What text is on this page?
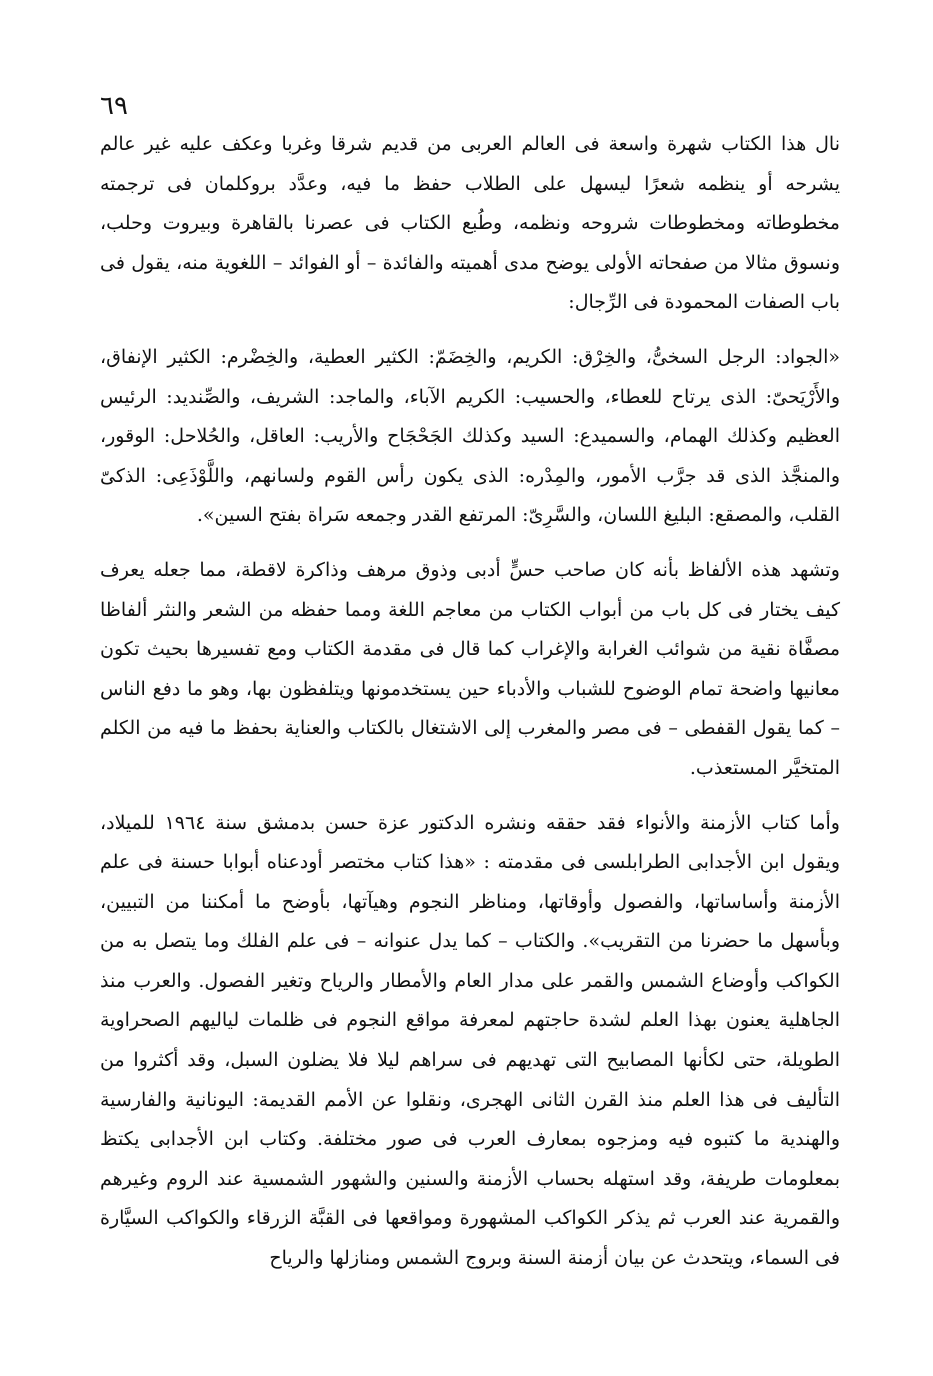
٦٩

نال هذا الكتاب شهرة واسعة فى العالم العربى من قديم شرقا وغربا وعكف عليه غير عالم يشرحه أو ينظمه شعرًا ليسهل على الطلاب حفظ ما فيه، وعدَّد بروكلمان فى ترجمته مخطوطاته ومخطوطات شروحه ونظمه، وطُبع الكتاب فى عصرنا بالقاهرة وبيروت وحلب، ونسوق مثالا من صفحاته الأولى يوضح مدى أهميته والفائدة – أو الفوائد – اللغوية منه، يقول فى باب الصفات المحمودة فى الرِّجال:

«الجواد: الرجل السخىُّ، والخِرْق: الكريم، والخِضَمّ: الكثير العطية، والخِضْرم: الكثير الإنفاق، والأَرْيَحىّ: الذى يرتاح للعطاء، والحسيب: الكريم الآباء، والماجد: الشريف، والصِّنديد: الرئيس العظيم وكذلك الهمام، والسميدع: السيد وكذلك الجَحْجَاح والأريب: العاقل، والحُلاحل: الوقور، والمنجَّذ الذى قد جرَّب الأمور، والمِدْره: الذى يكون رأس القوم ولسانهم، واللَّوْذَعِى: الذكىّ القلب، والمصقع: البليغ اللسان، والسَّرِىّ: المرتفع القدر وجمعه سَراة بفتح السين».

وتشهد هذه الألفاظ بأنه كان صاحب حسٍّ أدبى وذوق مرهف وذاكرة لاقطة، مما جعله يعرف كيف يختار فى كل باب من أبواب الكتاب من معاجم اللغة ومما حفظه من الشعر والنثر ألفاظا مصفَّاة نقية من شوائب الغرابة والإغراب كما قال فى مقدمة الكتاب ومع تفسيرها بحيث تكون معانيها واضحة تمام الوضوح للشباب والأدباء حين يستخدمونها ويتلفظون بها، وهو ما دفع الناس – كما يقول القفطى – فى مصر والمغرب إلى الاشتغال بالكتاب والعناية بحفظ ما فيه من الكلم المتخيَّر المستعذب.

وأما كتاب الأزمنة والأنواء فقد حققه ونشره الدكتور عزة حسن بدمشق سنة ١٩٦٤ للميلاد، ويقول ابن الأجدابى الطرابلسى فى مقدمته : «هذا كتاب مختصر أودعناه أبوابا حسنة فى علم الأزمنة وأساساتها، والفصول وأوقاتها، ومناظر النجوم وهيآتها، بأوضح ما أمكننا من التبيين، وبأسهل ما حضرنا من التقريب». والكتاب – كما يدل عنوانه – فى علم الفلك وما يتصل به من الكواكب وأوضاع الشمس والقمر على مدار العام والأمطار والرياح وتغير الفصول. والعرب منذ الجاهلية يعنون بهذا العلم لشدة حاجتهم لمعرفة مواقع النجوم فى ظلمات لياليهم الصحراوية الطويلة، حتى لكأنها المصابيح التى تهديهم فى سراهم ليلا فلا يضلون السبل، وقد أكثروا من التأليف فى هذا العلم منذ القرن الثانى الهجرى، ونقلوا عن الأمم القديمة: اليونانية والفارسية والهندية ما كتبوه فيه ومزجوه بمعارف العرب فى صور مختلفة. وكتاب ابن الأجدابى يكتظ بمعلومات طريفة، وقد استهله بحساب الأزمنة والسنين والشهور الشمسية عند الروم وغيرهم والقمرية عند العرب ثم يذكر الكواكب المشهورة ومواقعها فى القبَّة الزرقاء والكواكب السيَّارة فى السماء، ويتحدث عن بيان أزمنة السنة وبروج الشمس ومنازلها والرياح
